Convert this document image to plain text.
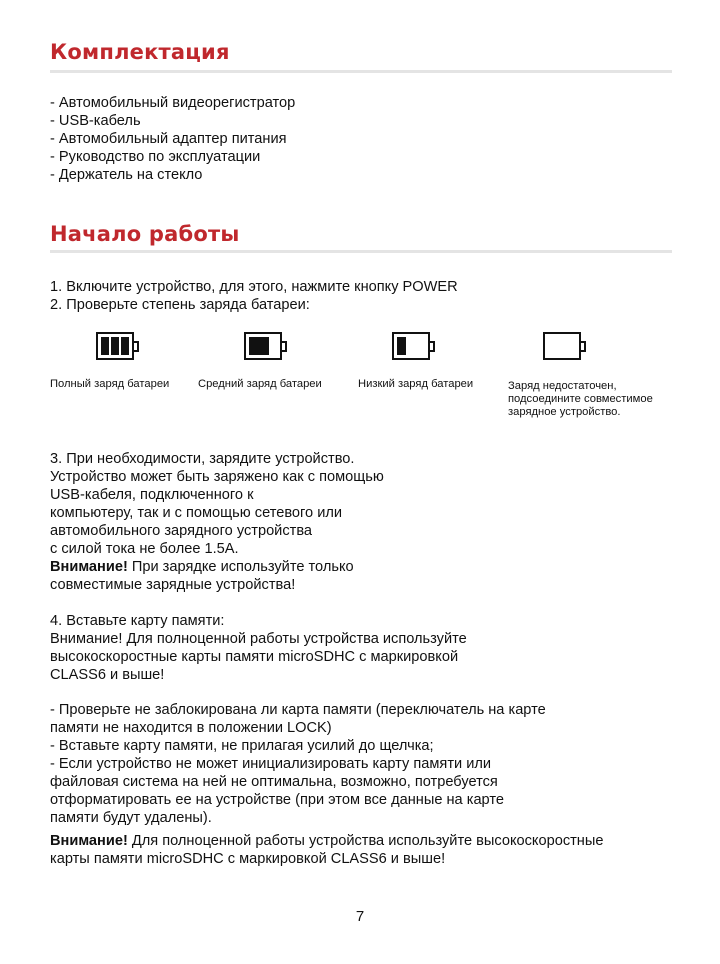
Комплектация
- Автомобильный видеорегистратор
- USB-кабель
- Автомобильный адаптер питания
- Руководство по эксплуатации
- Держатель на стекло
Начало работы
1. Включите устройство, для этого, нажмите кнопку POWER
2. Проверьте степень заряда батареи:
Полный заряд батареи	Средний заряд батареи	Низкий заряд батареи	Заряд недостаточен,
подсоедините совместимое
зарядное устройство.
3. При необходимости, зарядите устройство.
Устройство может быть заряжено как с помощью
USB-кабеля, подключенного к
компьютеру, так и с помощью сетевого или
автомобильного зарядного устройства
с силой тока не более 1.5А.
Внимание! При зарядке используйте только
совместимые зарядные устройства!
4. Вставьте карту памяти:
Внимание! Для полноценной работы устройства используйте
высокоскоростные карты памяти microSDHC с маркировкой
CLASS6 и выше!
- Проверьте не заблокирована ли карта памяти (переключатель на карте
памяти не находится в положении LOCK)
- Вставьте карту памяти, не прилагая усилий до щелчка;
- Если устройство не может инициализировать карту памяти или
файловая система на ней не оптимальна, возможно, потребуется
отформатировать ее на устройстве (при этом все данные на карте
памяти будут удалены).
Внимание! Для полноценной работы устройства используйте высокоскоростные
карты памяти microSDHC с маркировкой CLASS6 и выше!
7
